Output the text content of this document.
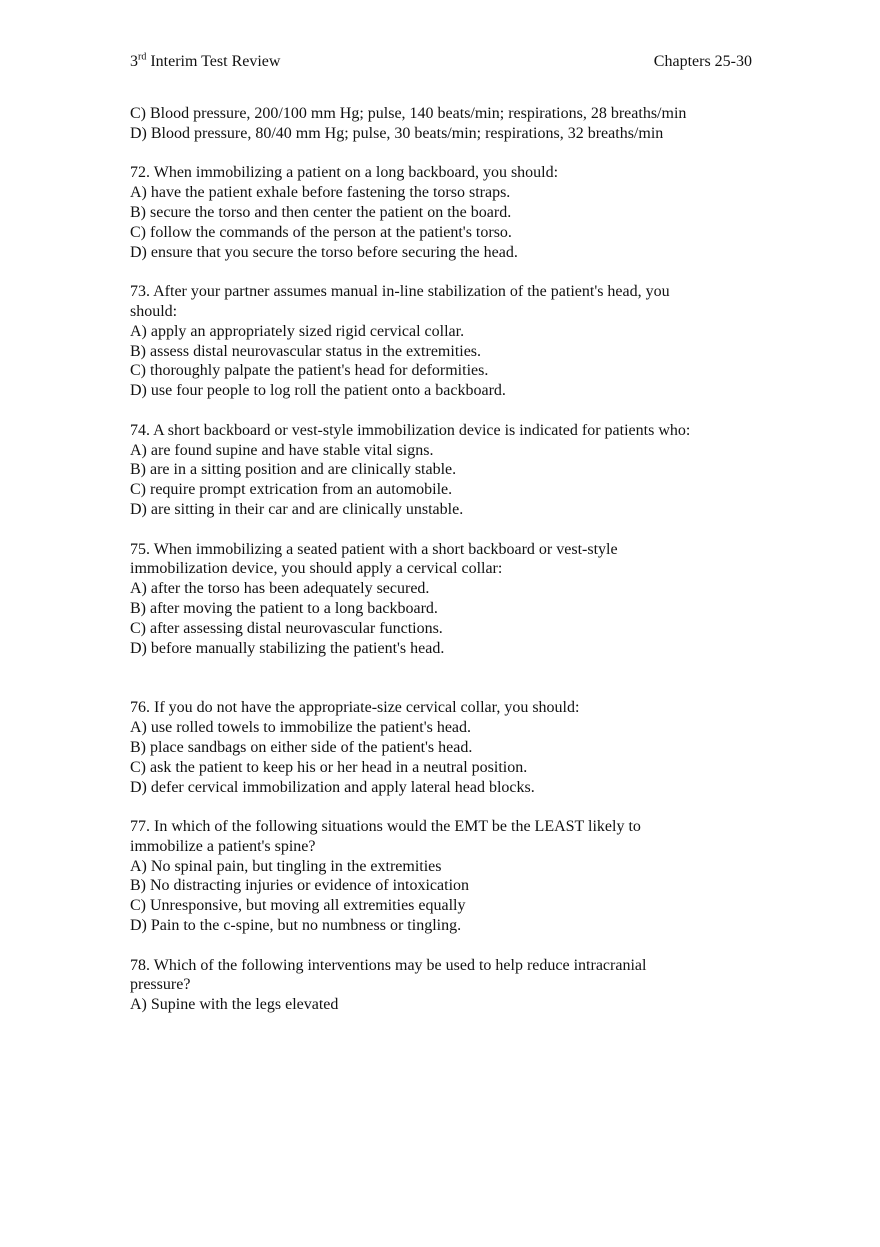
3rd Interim Test Review	Chapters 25-30
C) Blood pressure, 200/100 mm Hg; pulse, 140 beats/min; respirations, 28 breaths/min
D) Blood pressure, 80/40 mm Hg; pulse, 30 beats/min; respirations, 32 breaths/min
72. When immobilizing a patient on a long backboard, you should:
A) have the patient exhale before fastening the torso straps.
B) secure the torso and then center the patient on the board.
C) follow the commands of the person at the patient's torso.
D) ensure that you secure the torso before securing the head.
73. After your partner assumes manual in-line stabilization of the patient's head, you
should:
A) apply an appropriately sized rigid cervical collar.
B) assess distal neurovascular status in the extremities.
C) thoroughly palpate the patient's head for deformities.
D) use four people to log roll the patient onto a backboard.
74. A short backboard or vest-style immobilization device is indicated for patients who:
A) are found supine and have stable vital signs.
B) are in a sitting position and are clinically stable.
C) require prompt extrication from an automobile.
D) are sitting in their car and are clinically unstable.
75. When immobilizing a seated patient with a short backboard or vest-style
immobilization device, you should apply a cervical collar:
A) after the torso has been adequately secured.
B) after moving the patient to a long backboard.
C) after assessing distal neurovascular functions.
D) before manually stabilizing the patient's head.
76. If you do not have the appropriate-size cervical collar, you should:
A) use rolled towels to immobilize the patient's head.
B) place sandbags on either side of the patient's head.
C) ask the patient to keep his or her head in a neutral position.
D) defer cervical immobilization and apply lateral head blocks.
77. In which of the following situations would the EMT be the LEAST likely to
immobilize a patient's spine?
A) No spinal pain, but tingling in the extremities
B) No distracting injuries or evidence of intoxication
C) Unresponsive, but moving all extremities equally
D) Pain to the c-spine, but no numbness or tingling.
78. Which of the following interventions may be used to help reduce intracranial
pressure?
A) Supine with the legs elevated
